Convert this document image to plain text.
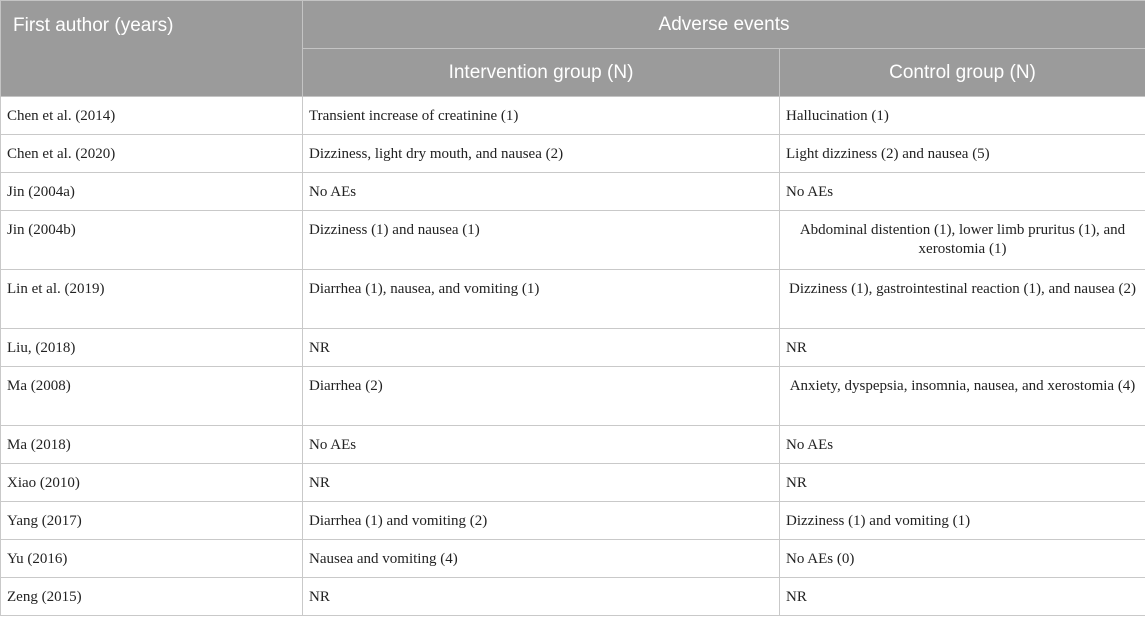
First author (years)	Adverse events	
	Intervention group (N)	Control group (N)
Chen et al. (2014)	Transient increase of creatinine (1)	Hallucination (1)
Chen et al. (2020)	Dizziness, light dry mouth, and nausea (2)	Light dizziness (2) and nausea (5)
Jin (2004a)	No AEs	No AEs
Jin (2004b)	Dizziness (1) and nausea (1)	Abdominal distention (1), lower limb pruritus (1), and xerostomia (1)
Lin et al. (2019)	Diarrhea (1), nausea, and vomiting (1)	Dizziness (1), gastrointestinal reaction (1), and nausea (2)
Liu, (2018)	NR	NR
Ma (2008)	Diarrhea (2)	Anxiety, dyspepsia, insomnia, nausea, and xerostomia (4)
Ma (2018)	No AEs	No AEs
Xiao (2010)	NR	NR
Yang (2017)	Diarrhea (1) and vomiting (2)	Dizziness (1) and vomiting (1)
Yu (2016)	Nausea and vomiting (4)	No AEs (0)
Zeng (2015)	NR	NR
